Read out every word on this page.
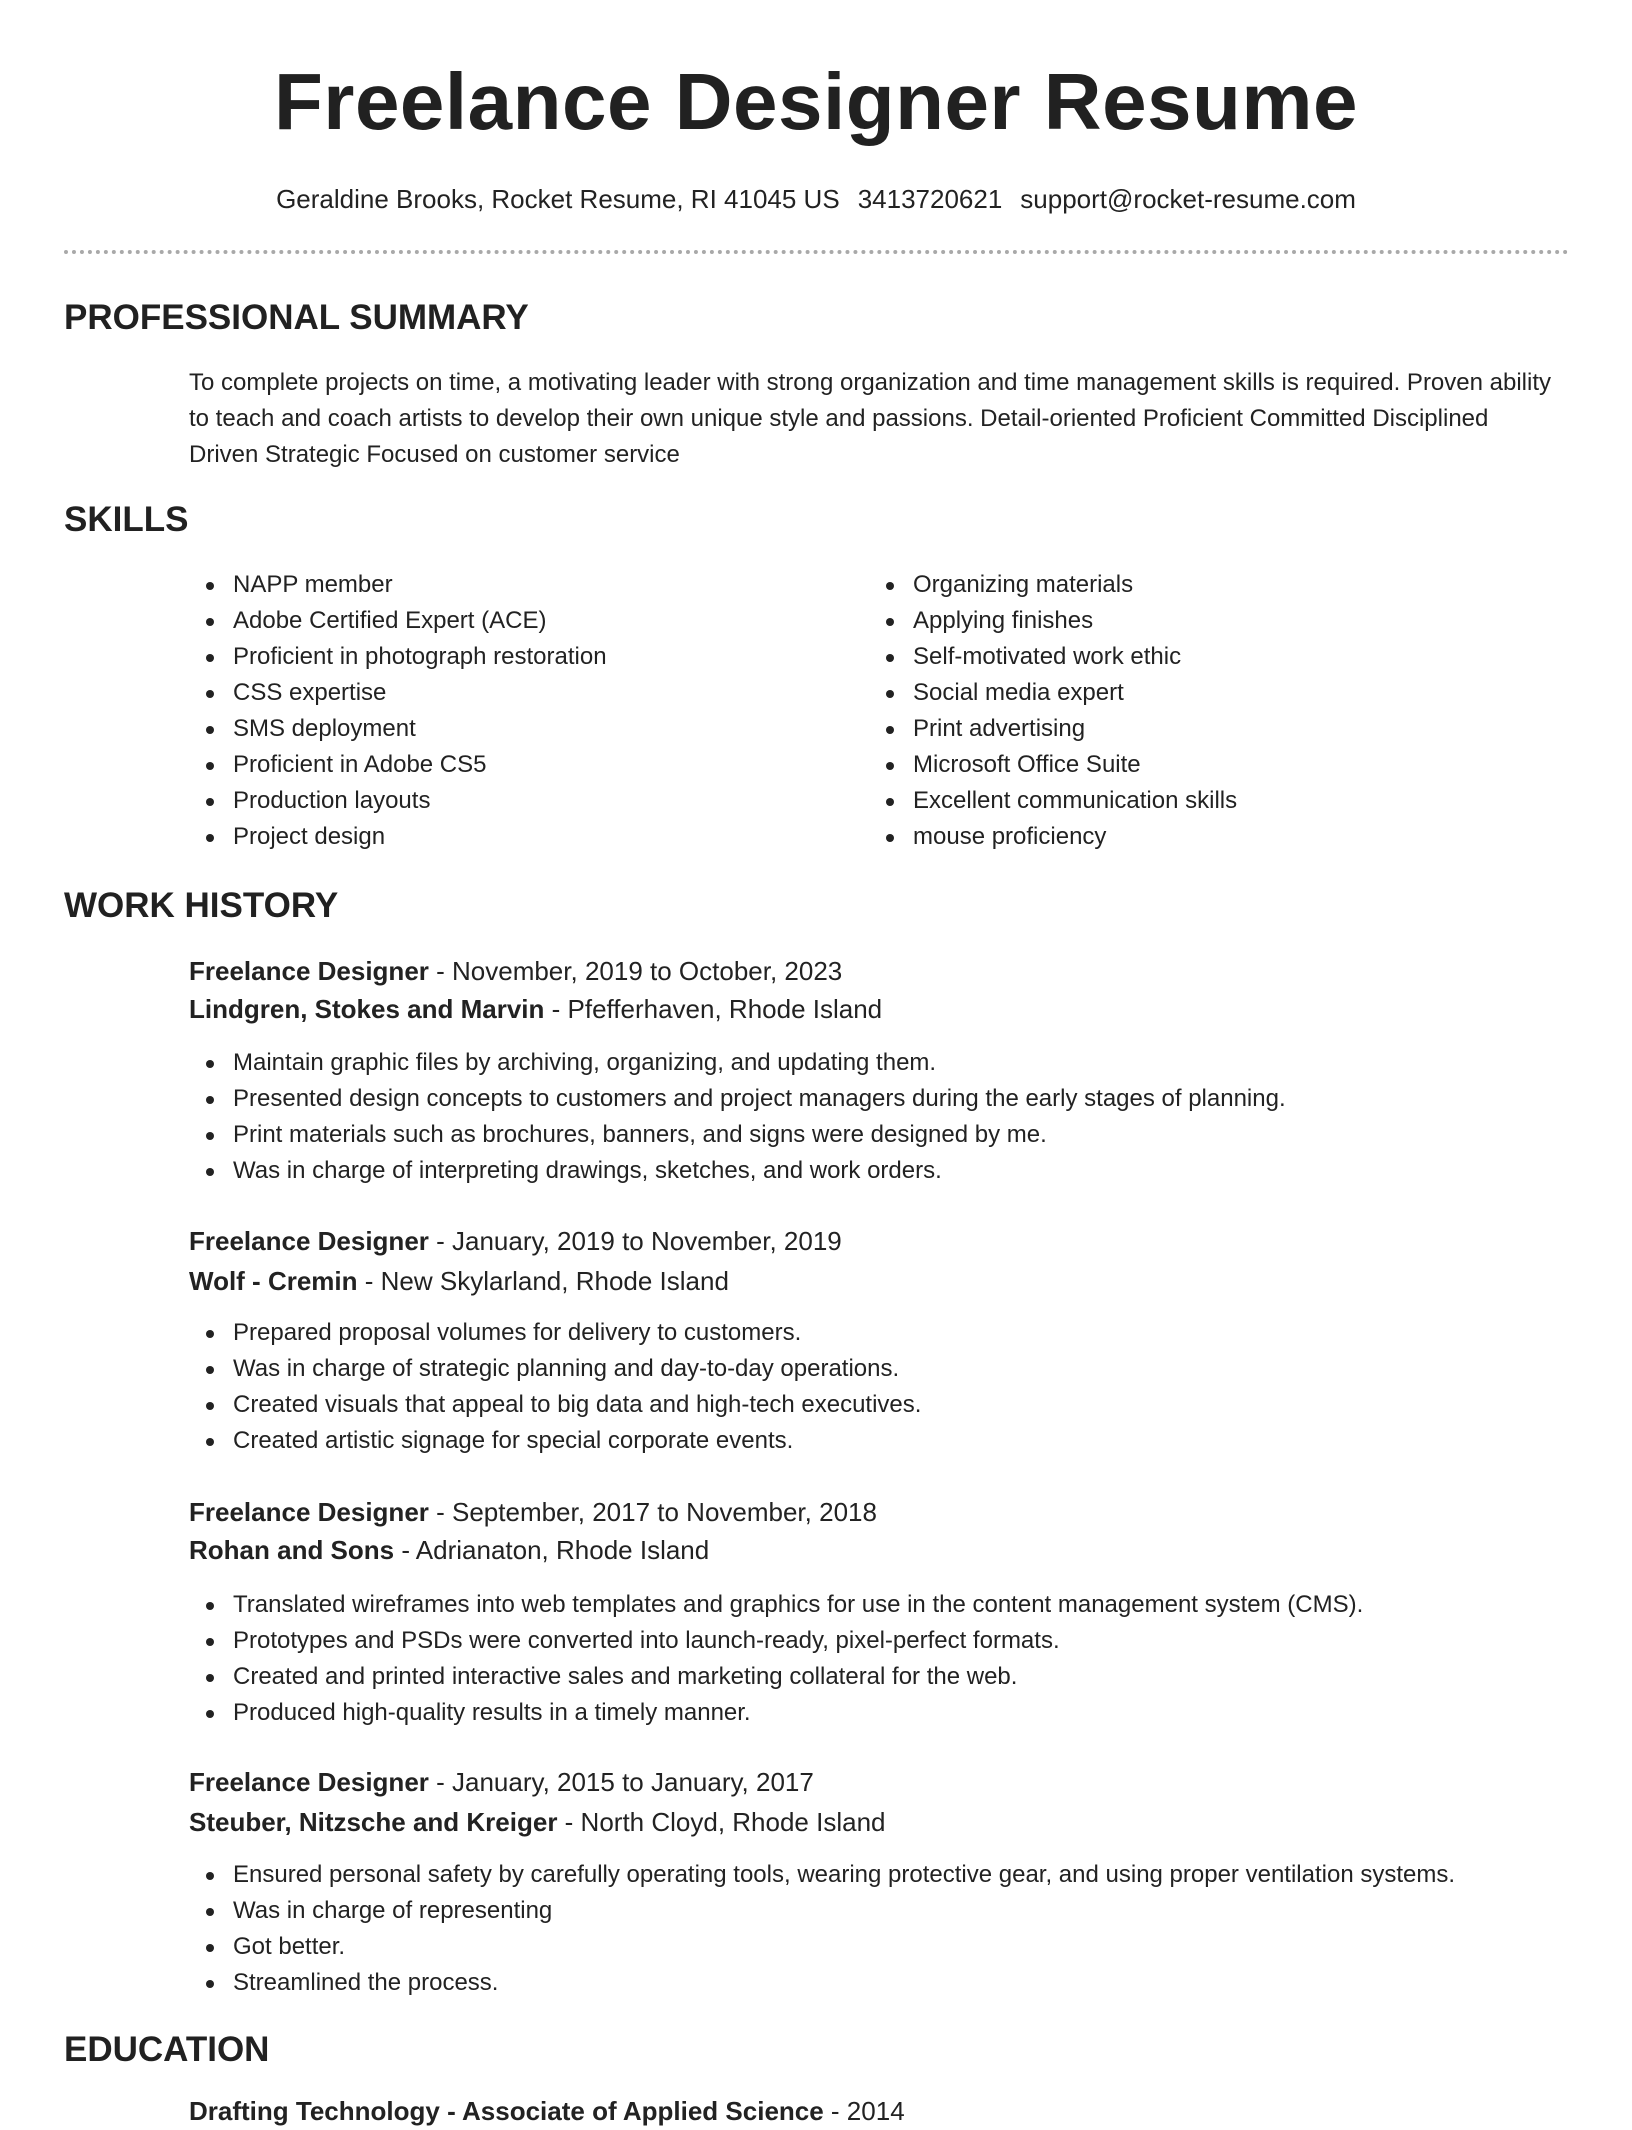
Freelance Designer Resume
Geraldine Brooks, Rocket Resume, RI 41045 US 3413720621 support@rocket-resume.com
PROFESSIONAL SUMMARY
To complete projects on time, a motivating leader with strong organization and time management skills is required. Proven ability to teach and coach artists to develop their own unique style and passions. Detail-oriented Proficient Committed Disciplined Driven Strategic Focused on customer service
SKILLS
NAPP member
Adobe Certified Expert (ACE)
Proficient in photograph restoration
CSS expertise
SMS deployment
Proficient in Adobe CS5
Production layouts
Project design
Organizing materials
Applying finishes
Self-motivated work ethic
Social media expert
Print advertising
Microsoft Office Suite
Excellent communication skills
mouse proficiency
WORK HISTORY
Freelance Designer - November, 2019 to October, 2023
Lindgren, Stokes and Marvin - Pfefferhaven, Rhode Island
Maintain graphic files by archiving, organizing, and updating them.
Presented design concepts to customers and project managers during the early stages of planning.
Print materials such as brochures, banners, and signs were designed by me.
Was in charge of interpreting drawings, sketches, and work orders.
Freelance Designer - January, 2019 to November, 2019
Wolf - Cremin - New Skylarland, Rhode Island
Prepared proposal volumes for delivery to customers.
Was in charge of strategic planning and day-to-day operations.
Created visuals that appeal to big data and high-tech executives.
Created artistic signage for special corporate events.
Freelance Designer - September, 2017 to November, 2018
Rohan and Sons - Adrianaton, Rhode Island
Translated wireframes into web templates and graphics for use in the content management system (CMS).
Prototypes and PSDs were converted into launch-ready, pixel-perfect formats.
Created and printed interactive sales and marketing collateral for the web.
Produced high-quality results in a timely manner.
Freelance Designer - January, 2015 to January, 2017
Steuber, Nitzsche and Kreiger - North Cloyd, Rhode Island
Ensured personal safety by carefully operating tools, wearing protective gear, and using proper ventilation systems.
Was in charge of representing
Got better.
Streamlined the process.
EDUCATION
Drafting Technology - Associate of Applied Science - 2014
